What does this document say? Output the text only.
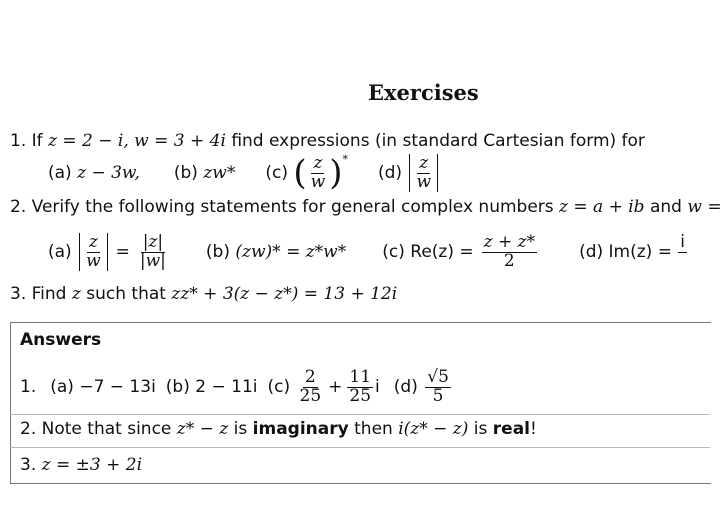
Exercises
1. If z = 2 − i, w = 3 + 4i find expressions (in standard Cartesian form) for
(a)
z − 3w, (b)
zw* (c)
( $\frac{z}{w} )^*$
(d)
$\frac{z}{w}$
2. Verify the following statements for general complex numbers z = a + ib and w =
(a)
$\frac{z}{w} = \frac{|z|}{|w|} (b)$
(zw)* = z*w* (c)
$Re(z) = \frac{z + z*}{2} (d)$
Im(z) =
i

3. Find z such that zz* + 3(z − z*) = 13 + 12i
Answers
1. (a) −7 − 13i (b) 2 − 11i (c)
$\frac{2}{25} + \frac{11}{25}$ i (d)
$\frac{√5}{5}$
2. Note that since z* − z is imaginary then i(z* − z) is real!
3. z = ±3 + 2i
